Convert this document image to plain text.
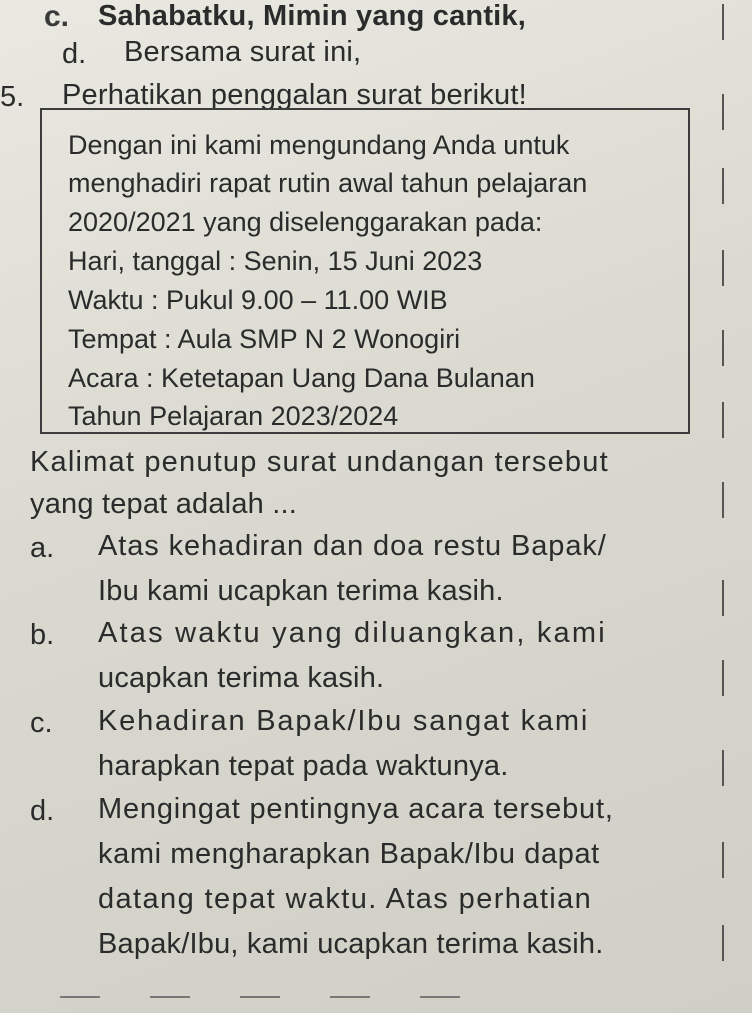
c. Sahabatku, Mimin yang cantik,
d. Bersama surat ini,
5. Perhatikan penggalan surat berikut!
Dengan ini kami mengundang Anda untuk
menghadiri rapat rutin awal tahun pelajaran
2020/2021 yang diselenggarakan pada:
Hari, tanggal : Senin, 15 Juni 2023
Waktu : Pukul 9.00 – 11.00 WIB
Tempat : Aula SMP N 2 Wonogiri
Acara : Ketetapan Uang Dana Bulanan
Tahun Pelajaran 2023/2024
Kalimat penutup surat undangan tersebut
yang tepat adalah ...
a. Atas kehadiran dan doa restu Bapak/
Ibu kami ucapkan terima kasih.
b. Atas waktu yang diluangkan, kami
ucapkan terima kasih.
c. Kehadiran Bapak/Ibu sangat kami
harapkan tepat pada waktunya.
d. Mengingat pentingnya acara tersebut,
kami mengharapkan Bapak/Ibu dapat
datang tepat waktu. Atas perhatian
Bapak/Ibu, kami ucapkan terima kasih.
